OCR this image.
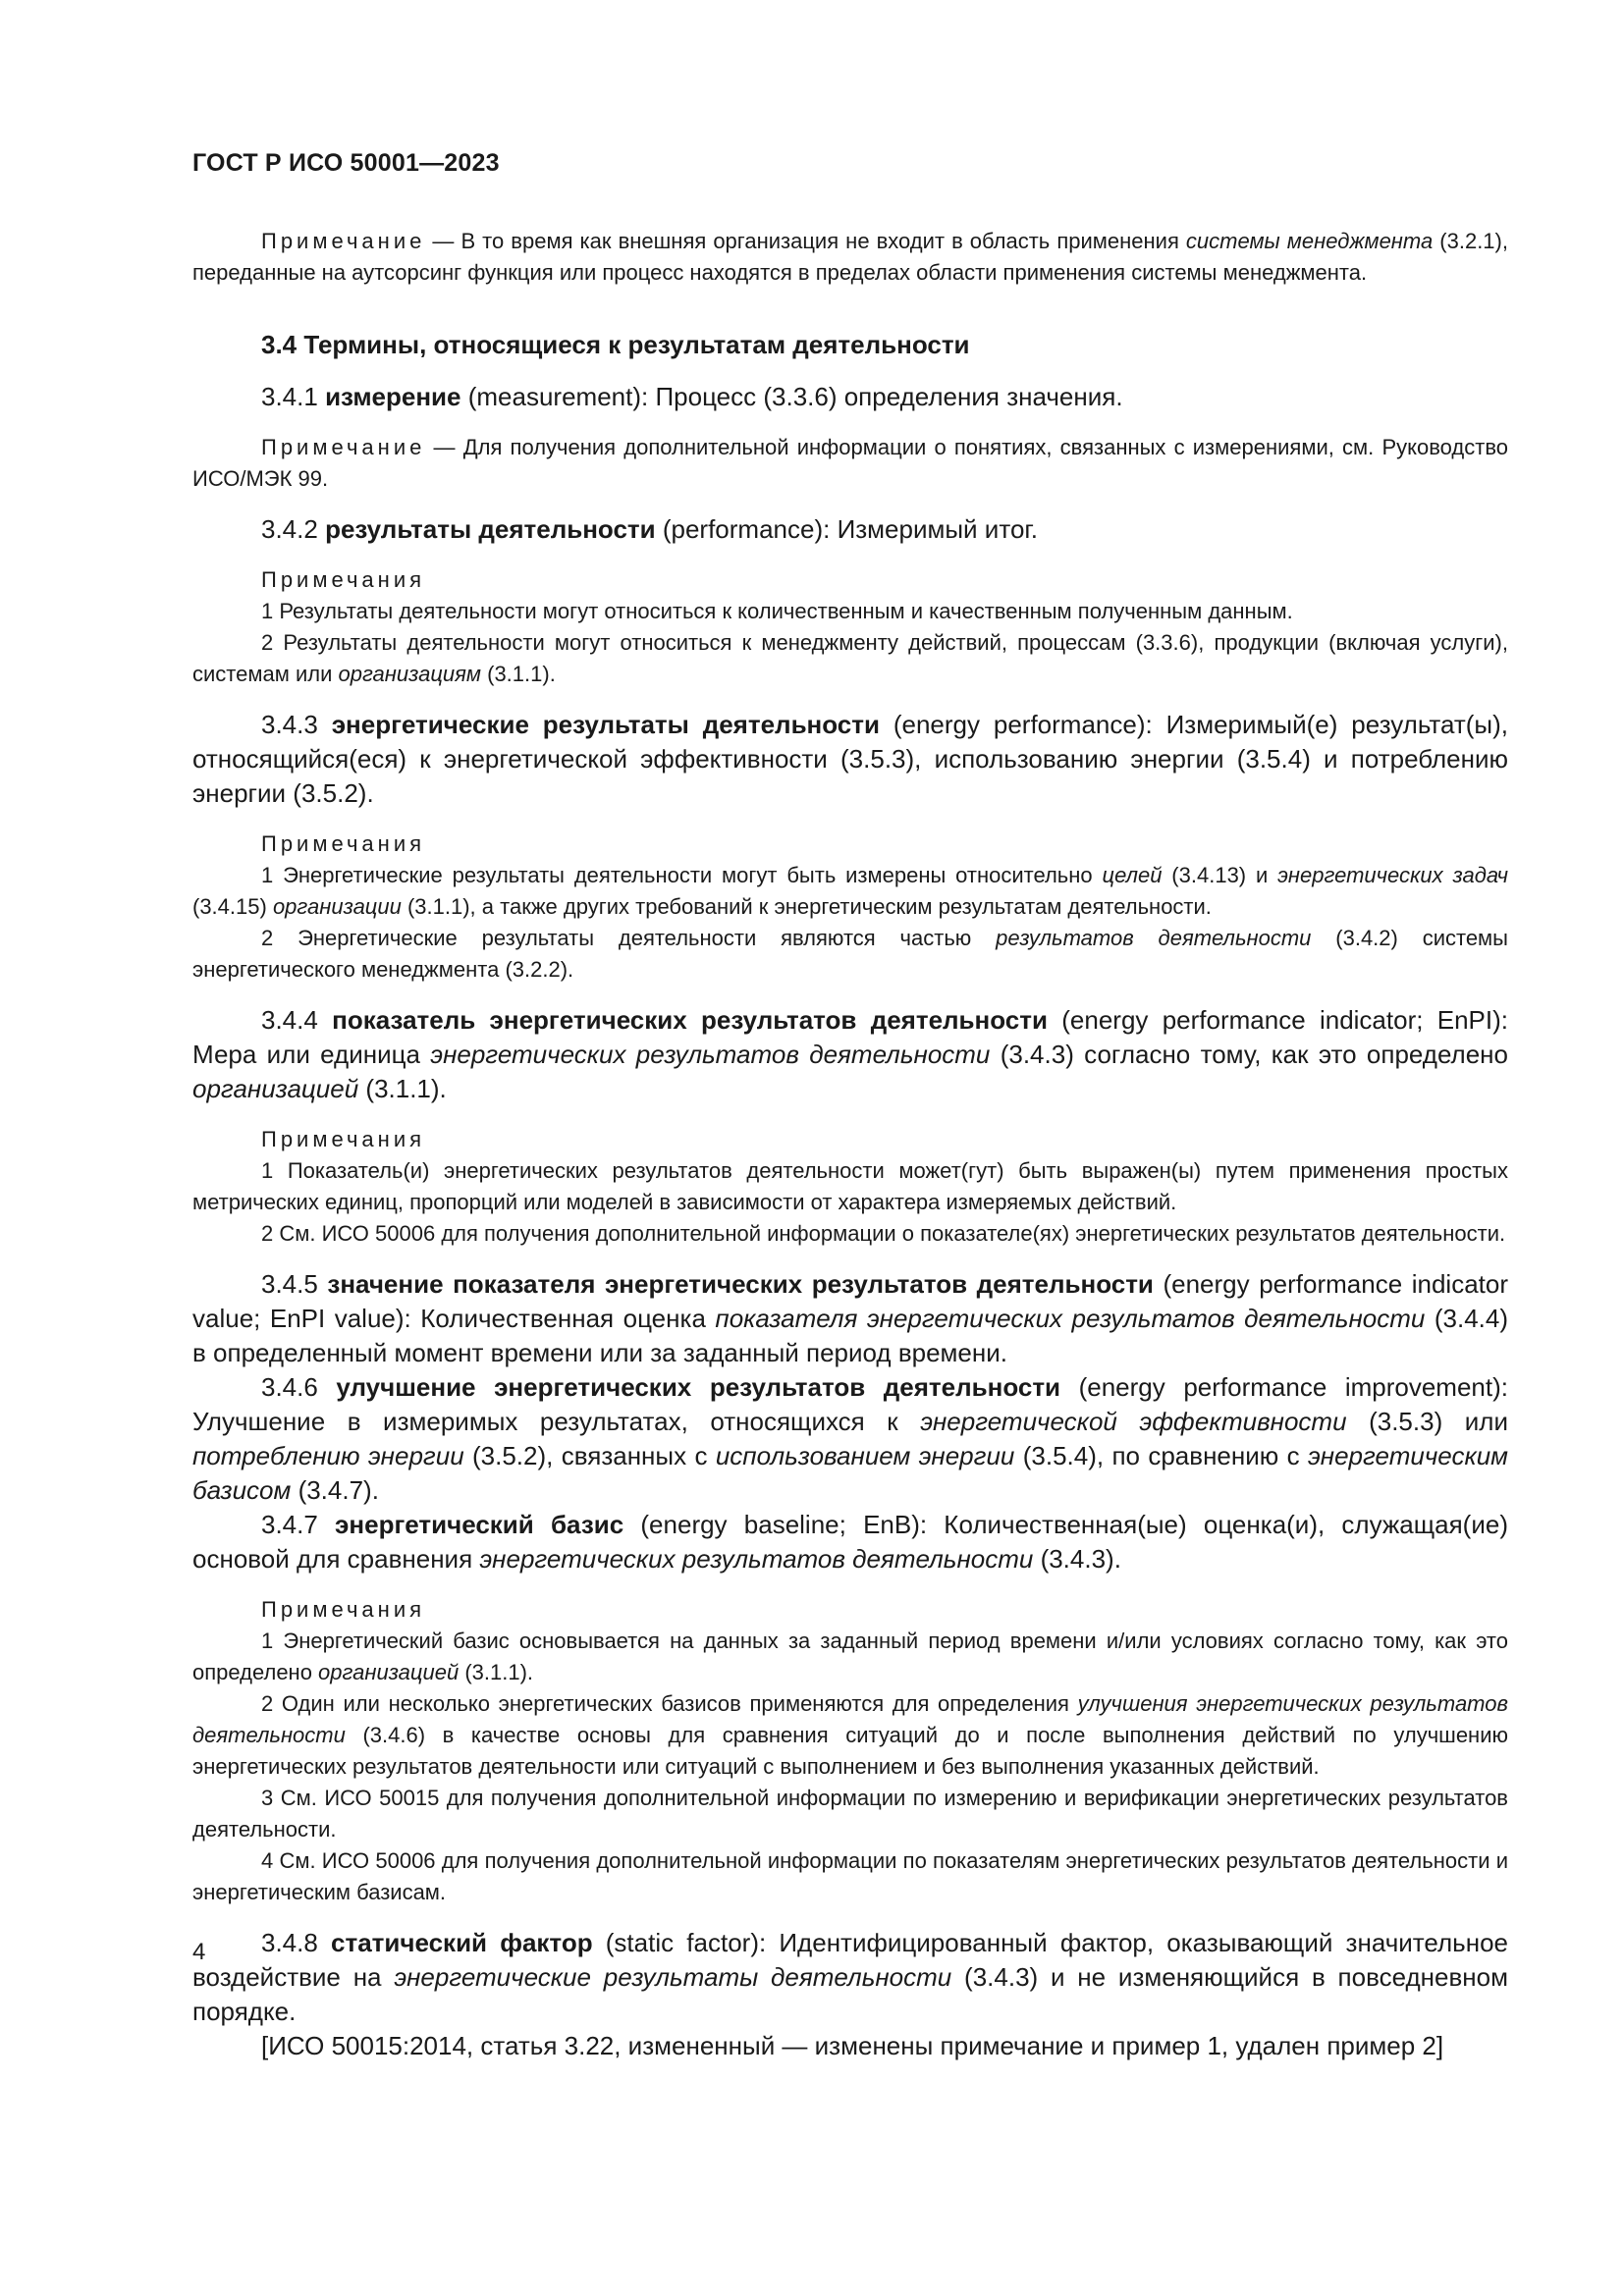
ГОСТ Р ИСО 50001—2023

Примечание — В то время как внешняя организация не входит в область применения системы менеджмента (3.2.1), переданные на аутсорсинг функция или процесс находятся в пределах области применения системы менеджмента.

3.4 Термины, относящиеся к результатам деятельности

3.4.1 измерение (measurement): Процесс (3.3.6) определения значения.

Примечание — Для получения дополнительной информации о понятиях, связанных с измерениями, см. Руководство ИСО/МЭК 99.

3.4.2 результаты деятельности (performance): Измеримый итог.

Примечания

1 Результаты деятельности могут относиться к количественным и качественным полученным данным.

2 Результаты деятельности могут относиться к менеджменту действий, процессам (3.3.6), продукции (включая услуги), системам или организациям (3.1.1).

3.4.3 энергетические результаты деятельности (energy performance): Измеримый(е) результат(ы), относящийся(еся) к энергетической эффективности (3.5.3), использованию энергии (3.5.4) и потреблению энергии (3.5.2).

Примечания

1 Энергетические результаты деятельности могут быть измерены относительно целей (3.4.13) и энергетических задач (3.4.15) организации (3.1.1), а также других требований к энергетическим результатам деятельности.

2 Энергетические результаты деятельности являются частью результатов деятельности (3.4.2) системы энергетического менеджмента (3.2.2).

3.4.4 показатель энергетических результатов деятельности (energy performance indicator; EnPI): Мера или единица энергетических результатов деятельности (3.4.3) согласно тому, как это определено организацией (3.1.1).

Примечания

1 Показатель(и) энергетических результатов деятельности может(гут) быть выражен(ы) путем применения простых метрических единиц, пропорций или моделей в зависимости от характера измеряемых действий.

2 См. ИСО 50006 для получения дополнительной информации о показателе(ях) энергетических результатов деятельности.

3.4.5 значение показателя энергетических результатов деятельности (energy performance indicator value; EnPI value): Количественная оценка показателя энергетических результатов деятельности (3.4.4) в определенный момент времени или за заданный период времени.

3.4.6 улучшение энергетических результатов деятельности (energy performance improvement): Улучшение в измеримых результатах, относящихся к энергетической эффективности (3.5.3) или потреблению энергии (3.5.2), связанных с использованием энергии (3.5.4), по сравнению с энергетическим базисом (3.4.7).

3.4.7 энергетический базис (energy baseline; EnB): Количественная(ые) оценка(и), служащая(ие) основой для сравнения энергетических результатов деятельности (3.4.3).

Примечания

1 Энергетический базис основывается на данных за заданный период времени и/или условиях согласно тому, как это определено организацией (3.1.1).

2 Один или несколько энергетических базисов применяются для определения улучшения энергетических результатов деятельности (3.4.6) в качестве основы для сравнения ситуаций до и после выполнения действий по улучшению энергетических результатов деятельности или ситуаций с выполнением и без выполнения указанных действий.

3 См. ИСО 50015 для получения дополнительной информации по измерению и верификации энергетических результатов деятельности.

4 См. ИСО 50006 для получения дополнительной информации по показателям энергетических результатов деятельности и энергетическим базисам.

3.4.8 статический фактор (static factor): Идентифицированный фактор, оказывающий значительное воздействие на энергетические результаты деятельности (3.4.3) и не изменяющийся в повседневном порядке.

[ИСО 50015:2014, статья 3.22, измененный — изменены примечание и пример 1, удален пример 2]

4
